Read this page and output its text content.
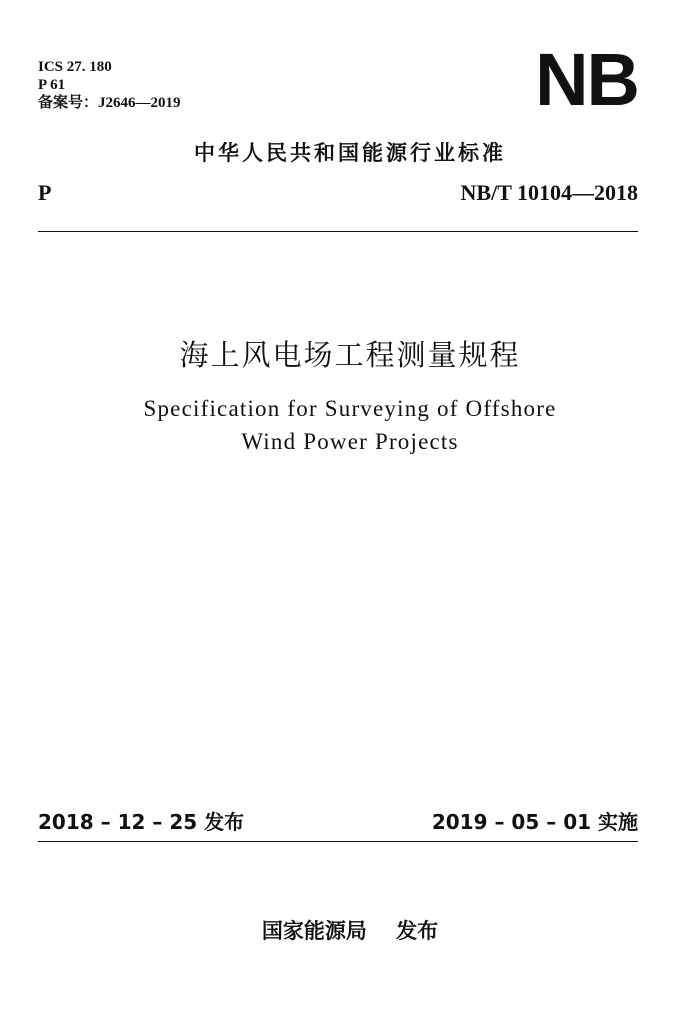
ICS 27. 180
P 61
备案号：J2646—2019	NB
中华人民共和国能源行业标准
P	NB/T 10104—2018
海上风电场工程测量规程
Specification for Surveying of Offshore
Wind Power Projects
2018 – 12 – 25 发布	2019 – 05 – 01 实施
国家能源局    发布
